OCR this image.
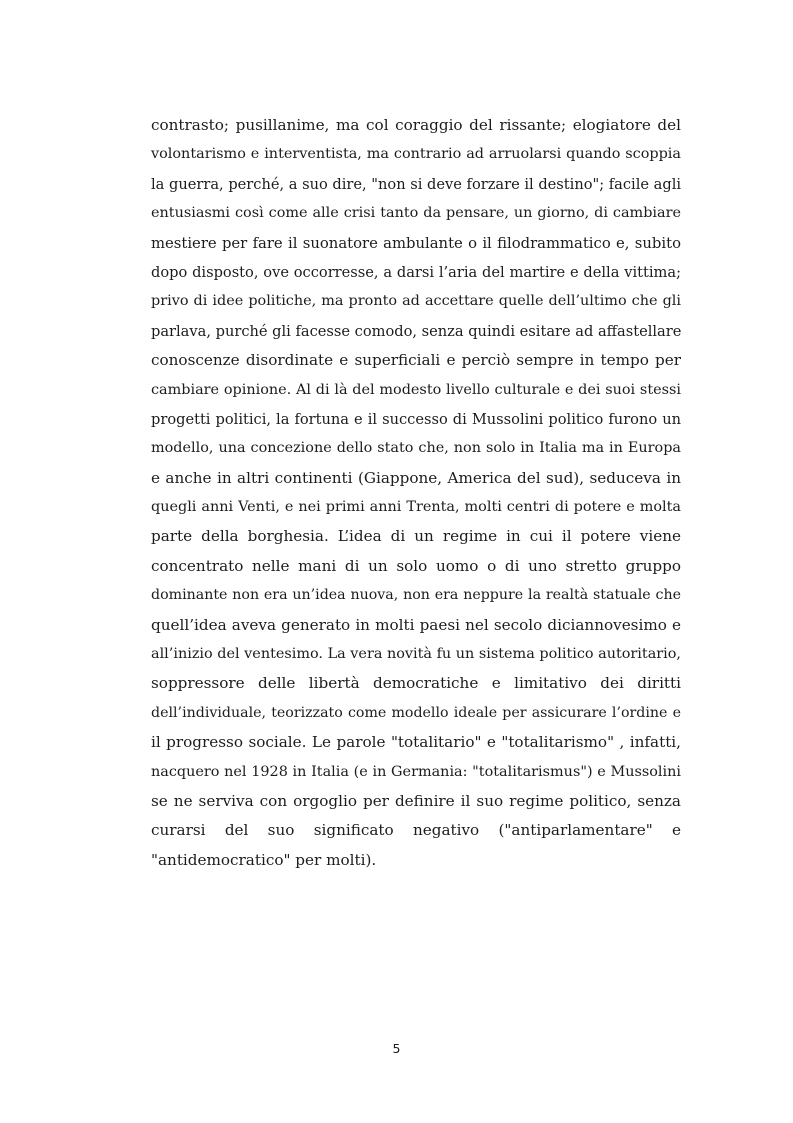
contrasto; pusillanime, ma col coraggio del rissante; elogiatore del
volontarismo e interventista, ma contrario ad arruolarsi quando scoppia
la guerra, perché, a suo dire, "non si deve forzare il destino"; facile agli
entusiasmi così come alle crisi tanto da pensare, un giorno, di cambiare
mestiere per fare il suonatore ambulante o il filodrammatico e, subito
dopo disposto, ove occorresse, a darsi l’aria del martire e della vittima;
privo di idee politiche, ma pronto ad accettare quelle dell’ultimo che gli
parlava, purché gli facesse comodo, senza quindi esitare ad affastellare
conoscenze disordinate e superficiali e perciò sempre in tempo per
cambiare opinione. Al di là del modesto livello culturale e dei suoi stessi
progetti politici, la fortuna e il successo di Mussolini politico furono un
modello, una concezione dello stato che, non solo in Italia ma in Europa
e anche in altri continenti (Giappone, America del sud), seduceva in
quegli anni Venti, e nei primi anni Trenta, molti centri di potere e molta
parte della borghesia. L’idea di un regime in cui il potere viene
concentrato nelle mani di un solo uomo o di uno stretto gruppo
dominante non era un’idea nuova, non era neppure la realtà statuale che
quell’idea aveva generato in molti paesi nel secolo diciannovesimo e
all’inizio del ventesimo. La vera novità fu un sistema politico autoritario,
soppressore delle libertà democratiche e limitativo dei diritti
dell’individuale, teorizzato come modello ideale per assicurare l’ordine e
il progresso sociale. Le parole "totalitario" e "totalitarismo" , infatti,
nacquero nel 1928 in Italia (e in Germania: "totalitarismus") e Mussolini
se ne serviva con orgoglio per definire il suo regime politico, senza
curarsi del suo significato negativo ("antiparlamentare" e
"antidemocratico" per molti).
5
